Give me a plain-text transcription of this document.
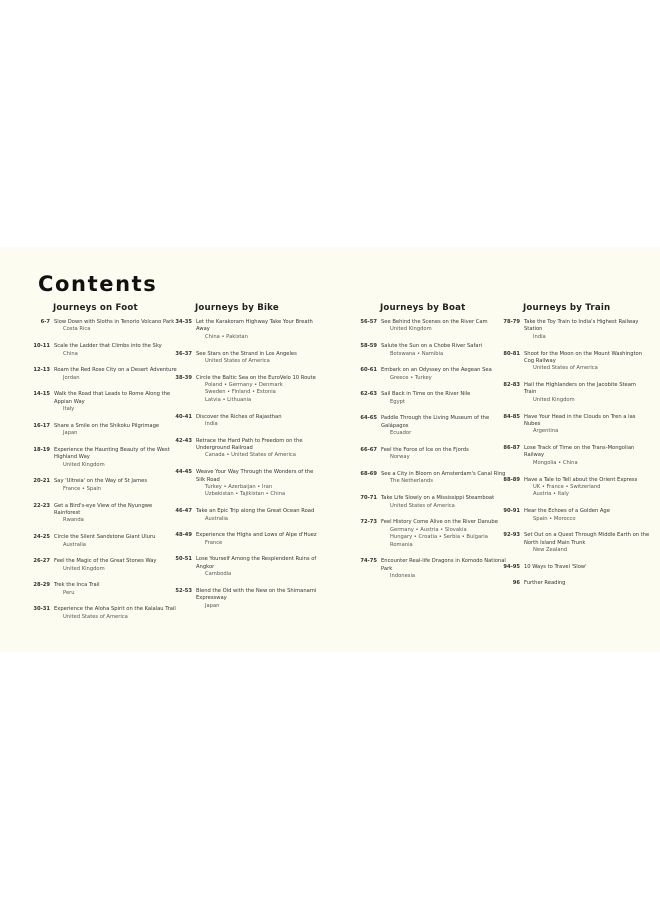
Contents
Journeys on Foot
6-7 Slow Down with Sloths in Tenorio Volcano Park
Costa Rica
10-11 Scale the Ladder that Climbs into the Sky
China
12-13 Roam the Red Rose City on a Desert Adventure
Jordan
14-15 Walk the Road that Leads to Rome Along the Appian Way
Italy
16-17 Share a Smile on the Shikoku Pilgrimage
Japan
18-19 Experience the Haunting Beauty of the West Highland Way
United Kingdom
20-21 Say 'Ultreia' on the Way of St James
France • Spain
22-23 Get a Bird's-eye View of the Nyungwe Rainforest
Rwanda
24-25 Circle the Silent Sandstone Giant Uluru
Australia
26-27 Feel the Magic of the Great Stones Way
United Kingdom
28-29 Trek the Inca Trail
Peru
30-31 Experience the Aloha Spirit on the Kalalau Trail
United States of America
Journeys by Bike
34-35 Let the Karakoram Highway Take Your Breath Away
China • Pakistan
36-37 See Stars on the Strand in Los Angeles
United States of America
38-39 Circle the Baltic Sea on the EuroVelo 10 Route
Poland • Germany • Denmark
Sweden • Finland • Estonia
Latvia • Lithuania
40-41 Discover the Riches of Rajasthan
India
42-43 Retrace the Hard Path to Freedom on the Underground Railroad
Canada • United States of America
44-45 Weave Your Way Through the Wonders of the Silk Road
Turkey • Azerbaijan • Iran
Uzbekistan • Tajikistan • China
46-47 Take an Epic Trip along the Great Ocean Road
Australia
48-49 Experience the Highs and Lows of Alpe d'Huez
France
50-51 Lose Yourself Among the Resplendent Ruins of Angkor
Cambodia
52-53 Blend the Old with the New on the Shimanami Expressway
Japan
Journeys by Boat
56-57 See Behind the Scenes on the River Cam
United Kingdom
58-59 Salute the Sun on a Chobe River Safari
Botswana • Namibia
60-61 Embark on an Odyssey on the Aegean Sea
Greece • Turkey
62-63 Sail Back in Time on the River Nile
Egypt
64-65 Paddle Through the Living Museum of the Galápagos
Ecuador
66-67 Feel the Force of Ice on the Fjords
Norway
68-69 See a City in Bloom on Amsterdam's Canal Ring
The Netherlands
70-71 Take Life Slowly on a Mississippi Steamboat
United States of America
72-73 Feel History Come Alive on the River Danube
Germany • Austria • Slovakia
Hungary • Croatia • Serbia • Bulgaria
Romania
74-75 Encounter Real-life Dragons in Komodo National Park
Indonesia
Journeys by Train
78-79 Take the Toy Train to India's Highest Railway Station
India
80-81 Shoot for the Moon on the Mount Washington Cog Railway
United States of America
82-83 Hail the Highlanders on the Jacobite Steam Train
United Kingdom
84-85 Have Your Head in the Clouds on Tren a las Nubes
Argentina
86-87 Lose Track of Time on the Trans-Mongolian Railway
Mongolia • China
88-89 Have a Tale to Tell about the Orient Express
UK • France • Switzerland
Austria • Italy
90-91 Hear the Echoes of a Golden Age
Spain • Morocco
92-93 Set Out on a Quest Through Middle Earth on the North Island Main Trunk
New Zealand
94-95 10 Ways to Travel 'Slow'
96 Further Reading
